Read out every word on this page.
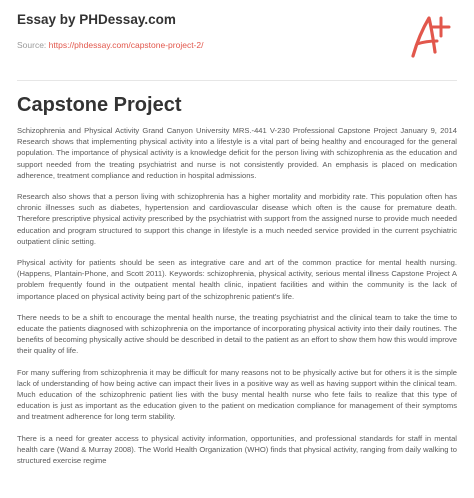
Essay by PHDessay.com
Source: https://phdessay.com/capstone-project-2/
Capstone Project

Schizophrenia and Physical Activity Grand Canyon University MRS.-441 V-230 Professional Capstone Project January 9, 2014 Research shows that implementing physical activity into a lifestyle is a vital part of being healthy and encouraged for the general population. The importance of physical activity is a knowledge deficit for the person living with schizophrenia as the education and support needed from the treating psychiatrist and nurse is not consistently provided. An emphasis is placed on medication adherence, treatment compliance and reduction in hospital admissions.

Research also shows that a person living with schizophrenia has a higher mortality and morbidity rate. This population often has chronic illnesses such as diabetes, hypertension and cardiovascular disease which often is the cause for premature death. Therefore prescriptive physical activity prescribed by the psychiatrist with support from the assigned nurse to provide much needed education and program structured to support this change in lifestyle is a much needed service provided in the current psychiatric outpatient clinic setting.

Physical activity for patients should be seen as integrative care and art of the common practice for mental health nursing. (Happens, Plantain-Phone, and Scott 2011). Keywords: schizophrenia, physical activity, serious mental illness Capstone Project A problem frequently found in the outpatient mental health clinic, inpatient facilities and within the community is the lack of importance placed on physical activity being part of the schizophrenic patient's life.

There needs to be a shift to encourage the mental health nurse, the treating psychiatrist and the clinical team to take the time to educate the patients diagnosed with schizophrenia on the importance of incorporating physical activity into their daily routines. The benefits of becoming physically active should be described in detail to the patient as an effort to show them how this would improve their quality of life.

For many suffering from schizophrenia it may be difficult for many reasons not to be physically active but for others it is the simple lack of understanding of how being active can impact their lives in a positive way as well as having support within the clinical team. Much education of the schizophrenic patient lies with the busy mental health nurse who fete fails to realize that this type of education is just as important as the education given to the patient on medication compliance for management of their symptoms and treatment adherence for long term stability.

There is a need for greater access to physical activity information, opportunities, and professional standards for staff in mental health care (Wand & Murray 2008). The World Health Organization (WHO) finds that physical activity, ranging from daily walking to structured exercise regime
